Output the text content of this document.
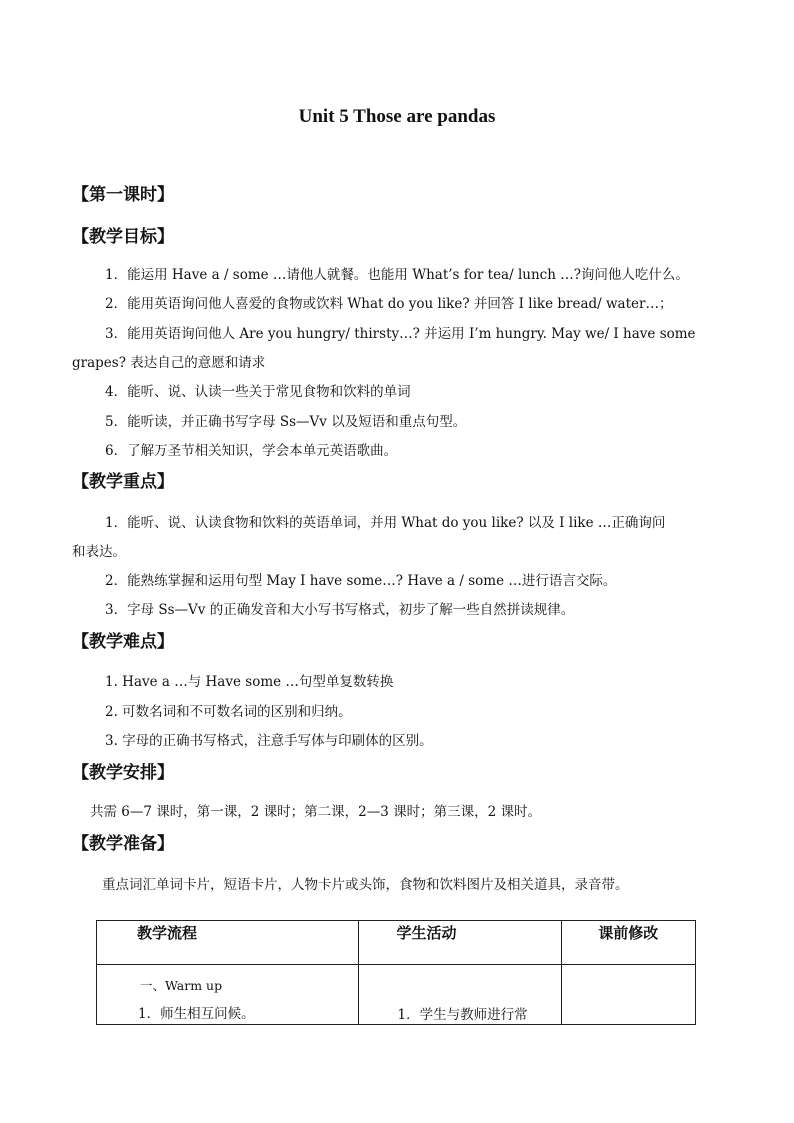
Unit 5 Those are pandas
【第一课时】
【教学目标】
1．能运用 Have a / some …请他人就餐。也能用 What’s for tea/ lunch …?询问他人吃什么。
2．能用英语询问他人喜爱的食物或饮料 What do you like? 并回答 I like bread/ water…；
3．能用英语询问他人 Are you hungry/ thirsty…? 并运用 I’m hungry. May we/ I have some
grapes? 表达自己的意愿和请求
4．能听、说、认读一些关于常见食物和饮料的单词
5．能听读，并正确书写字母 Ss—Vv 以及短语和重点句型。
6．了解万圣节相关知识，学会本单元英语歌曲。
【教学重点】
1．能听、说、认读食物和饮料的英语单词，并用 What do you like? 以及 I like …正确询问
和表达。
2．能熟练掌握和运用句型 May I have some…? Have a / some …进行语言交际。
3．字母 Ss—Vv 的正确发音和大小写书写格式，初步了解一些自然拼读规律。
【教学难点】
1. Have a …与 Have some …句型单复数转换
2. 可数名词和不可数名词的区别和归纳。
3. 字母的正确书写格式，注意手写体与印刷体的区别。
【教学安排】
共需 6—7 课时，第一课，2 课时；第二课，2—3 课时；第三课，2 课时。
【教学准备】
重点词汇单词卡片，短语卡片，人物卡片或头饰，食物和饮料图片及相关道具，录音带。
教学流程	学生活动	课前修改

一、Warm up
1．师生相互问候。	1．学生与教师进行常	
